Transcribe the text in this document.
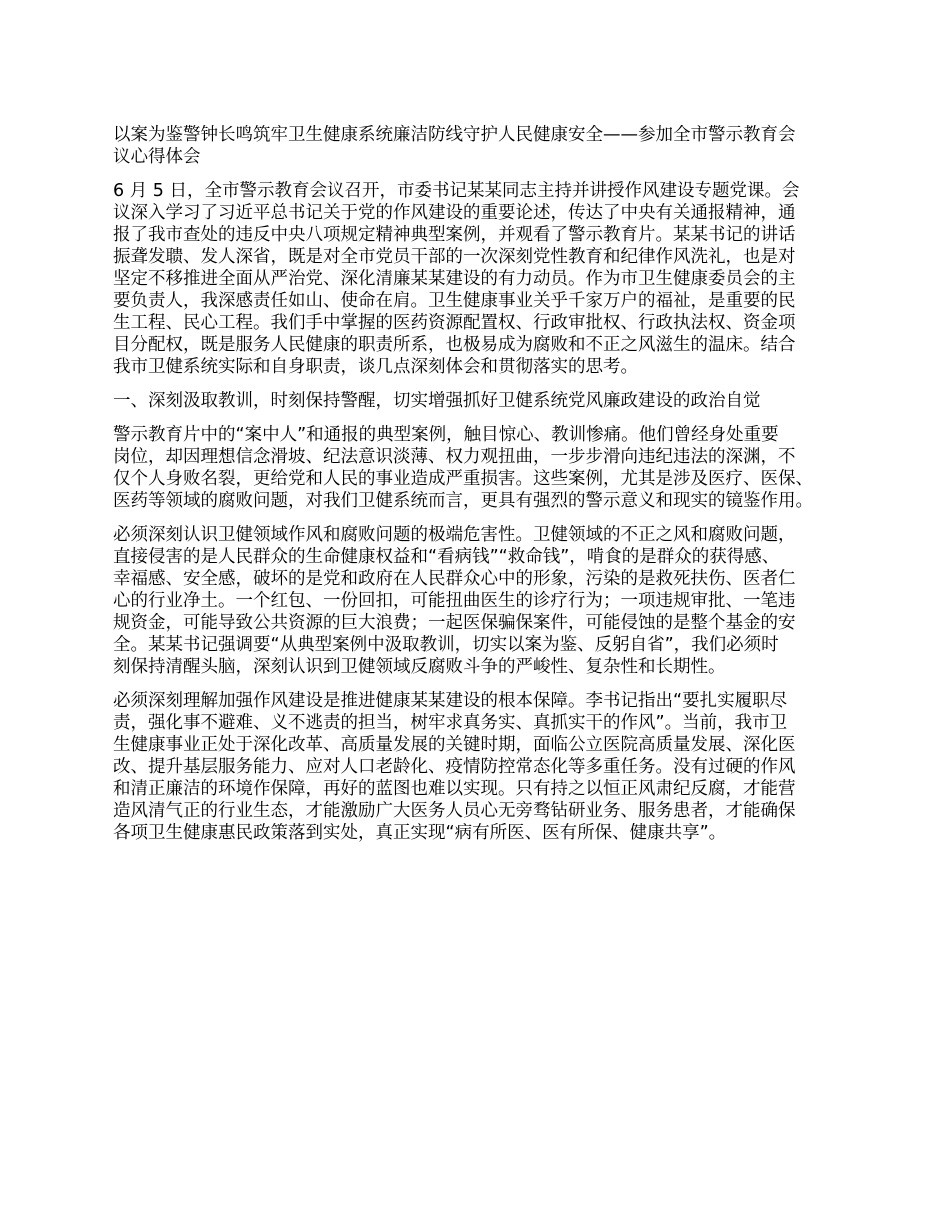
以案为鉴警钟长鸣筑牢卫生健康系统廉洁防线守护人民健康安全——参加全市警示教育会
议心得体会
6 月 5 日，全市警示教育会议召开，市委书记某某同志主持并讲授作风建设专题党课。会
议深入学习了习近平总书记关于党的作风建设的重要论述，传达了中央有关通报精神，通
报了我市查处的违反中央八项规定精神典型案例，并观看了警示教育片。某某书记的讲话
振聋发聩、发人深省，既是对全市党员干部的一次深刻党性教育和纪律作风洗礼，也是对
坚定不移推进全面从严治党、深化清廉某某建设的有力动员。作为市卫生健康委员会的主
要负责人，我深感责任如山、使命在肩。卫生健康事业关乎千家万户的福祉，是重要的民
生工程、民心工程。我们手中掌握的医药资源配置权、行政审批权、行政执法权、资金项
目分配权，既是服务人民健康的职责所系，也极易成为腐败和不正之风滋生的温床。结合
我市卫健系统实际和自身职责，谈几点深刻体会和贯彻落实的思考。
一、深刻汲取教训，时刻保持警醒，切实增强抓好卫健系统党风廉政建设的政治自觉
警示教育片中的“案中人”和通报的典型案例，触目惊心、教训惨痛。他们曾经身处重要
岗位，却因理想信念滑坡、纪法意识淡薄、权力观扭曲，一步步滑向违纪违法的深渊，不
仅个人身败名裂，更给党和人民的事业造成严重损害。这些案例，尤其是涉及医疗、医保、
医药等领域的腐败问题，对我们卫健系统而言，更具有强烈的警示意义和现实的镜鉴作用。
必须深刻认识卫健领域作风和腐败问题的极端危害性。卫健领域的不正之风和腐败问题，
直接侵害的是人民群众的生命健康权益和“看病钱”“救命钱”，啃食的是群众的获得感、
幸福感、安全感，破坏的是党和政府在人民群众心中的形象，污染的是救死扶伤、医者仁
心的行业净土。一个红包、一份回扣，可能扭曲医生的诊疗行为；一项违规审批、一笔违
规资金，可能导致公共资源的巨大浪费；一起医保骗保案件，可能侵蚀的是整个基金的安
全。某某书记强调要“从典型案例中汲取教训，切实以案为鉴、反躬自省”，我们必须时
刻保持清醒头脑，深刻认识到卫健领域反腐败斗争的严峻性、复杂性和长期性。
必须深刻理解加强作风建设是推进健康某某建设的根本保障。李书记指出“要扎实履职尽
责，强化事不避难、义不逃责的担当，树牢求真务实、真抓实干的作风”。当前，我市卫
生健康事业正处于深化改革、高质量发展的关键时期，面临公立医院高质量发展、深化医
改、提升基层服务能力、应对人口老龄化、疫情防控常态化等多重任务。没有过硬的作风
和清正廉洁的环境作保障，再好的蓝图也难以实现。只有持之以恒正风肃纪反腐，才能营
造风清气正的行业生态，才能激励广大医务人员心无旁骛钻研业务、服务患者，才能确保
各项卫生健康惠民政策落到实处，真正实现“病有所医、医有所保、健康共享”。
